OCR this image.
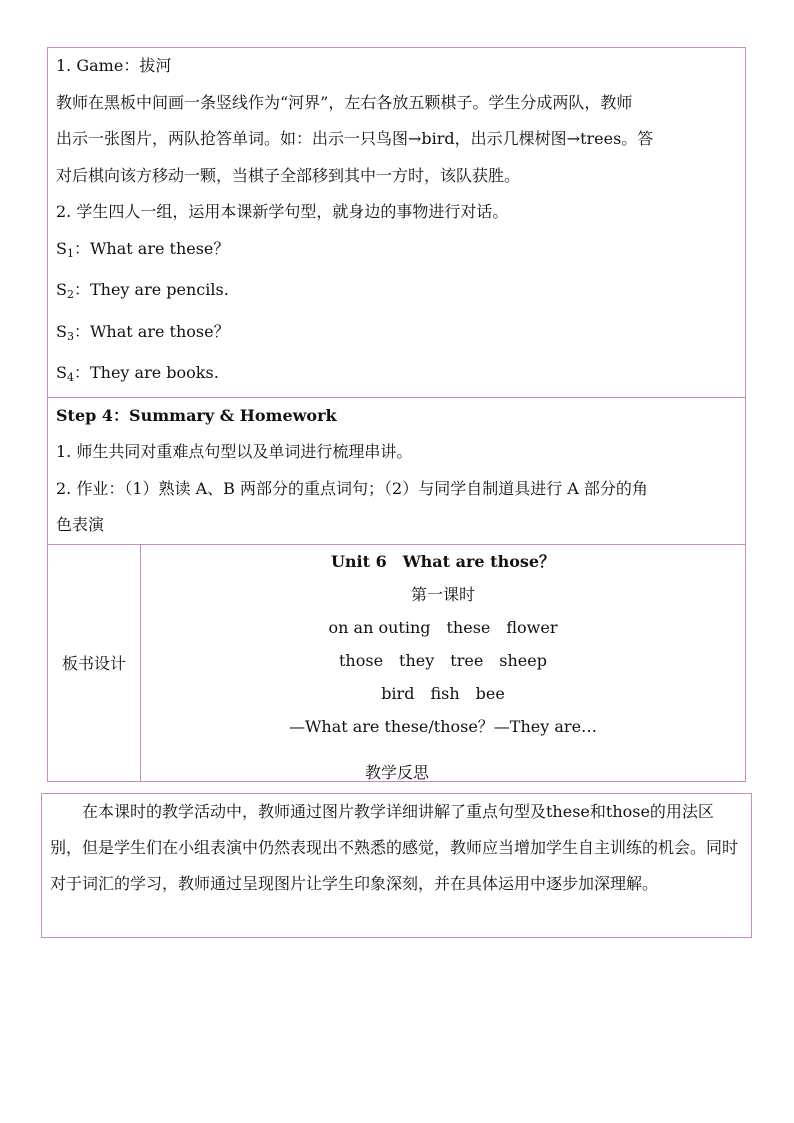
1. Game：拔河
教师在黑板中间画一条竖线作为“河界”，左右各放五颗棋子。学生分成两队，教师
出示一张图片，两队抢答单词。如：出示一只鸟图→bird，出示几棵树图→trees。答
对后棋向该方移动一颗，当棋子全部移到其中一方时，该队获胜。
2. 学生四人一组，运用本课新学句型，就身边的事物进行对话。
$S_1$：What are these？
$S_2$：They are pencils.
$S_3$：What are those？
$S_4$：They are books.

Step 4：Summary & Homework
1. 师生共同对重难点句型以及单词进行梳理串讲。
2. 作业：（1）熟读 A、B 两部分的重点词句；（2）与同学自制道具进行 A 部分的角
色表演

板书设计	
Unit 6　What are those？
第一课时
on an outing　these　flower
those　they　tree　sheep
bird　fish　bee
—What are these/those？—They are…
教学反思
在本课时的教学活动中，教师通过图片教学详细讲解了重点句型及these和those的用法区别，但是学生们在小组表演中仍然表现出不熟悉的感觉，教师应当增加学生自主训练的机会。同时对于词汇的学习，教师通过呈现图片让学生印象深刻，并在具体运用中逐步加深理解。
